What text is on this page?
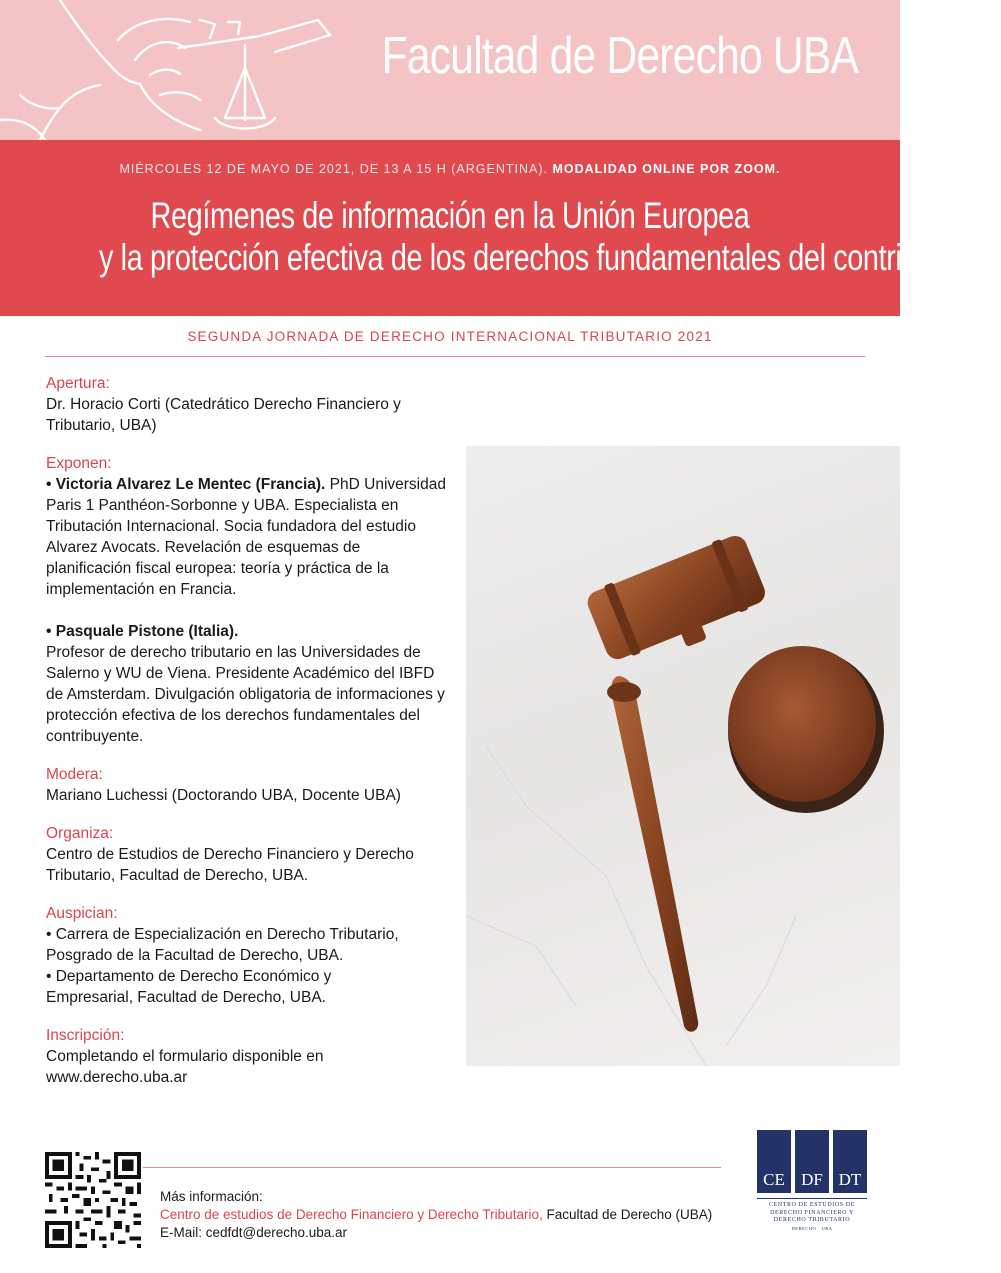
Facultad de Derecho UBA
MIÉRCOLES 12 DE MAYO DE 2021, DE 13 A 15 H (ARGENTINA). MODALIDAD ONLINE POR ZOOM.
Regímenes de información en la Unión Europea
y la protección efectiva de los derechos fundamentales del contribuyente
SEGUNDA JORNADA DE DERECHO INTERNACIONAL TRIBUTARIO 2021
Apertura:
Dr. Horacio Corti (Catedrático Derecho Financiero y Tributario, UBA)
Exponen:
• Victoria Alvarez Le Mentec (Francia). PhD Universidad Paris 1 Panthéon-Sorbonne y UBA. Especialista en Tributación Internacional. Socia fundadora del estudio Alvarez Avocats. Revelación de esquemas de planificación fiscal europea: teoría y práctica de la implementación en Francia.
• Pasquale Pistone (Italia).
Profesor de derecho tributario en las Universidades de Salerno y WU de Viena. Presidente Académico del IBFD de Amsterdam. Divulgación obligatoria de informaciones y protección efectiva de los derechos fundamentales del contribuyente.
Modera:
Mariano Luchessi (Doctorando UBA, Docente UBA)
Organiza:
Centro de Estudios de Derecho Financiero y Derecho Tributario, Facultad de Derecho, UBA.
Auspician:
• Carrera de Especialización en Derecho Tributario, Posgrado de la Facultad de Derecho, UBA.
• Departamento de Derecho Económico y Empresarial, Facultad de Derecho, UBA.
Inscripción:
Completando el formulario disponible en
www.derecho.uba.ar
Más información:
Centro de estudios de Derecho Financiero y Derecho Tributario, Facultad de Derecho (UBA)
E-Mail: cedfdt@derecho.uba.ar
CE DF DT
CENTRO DE ESTUDIOS DE
DERECHO FINANCIERO Y
DERECHO TRIBUTARIO
DERECHO · UBA
